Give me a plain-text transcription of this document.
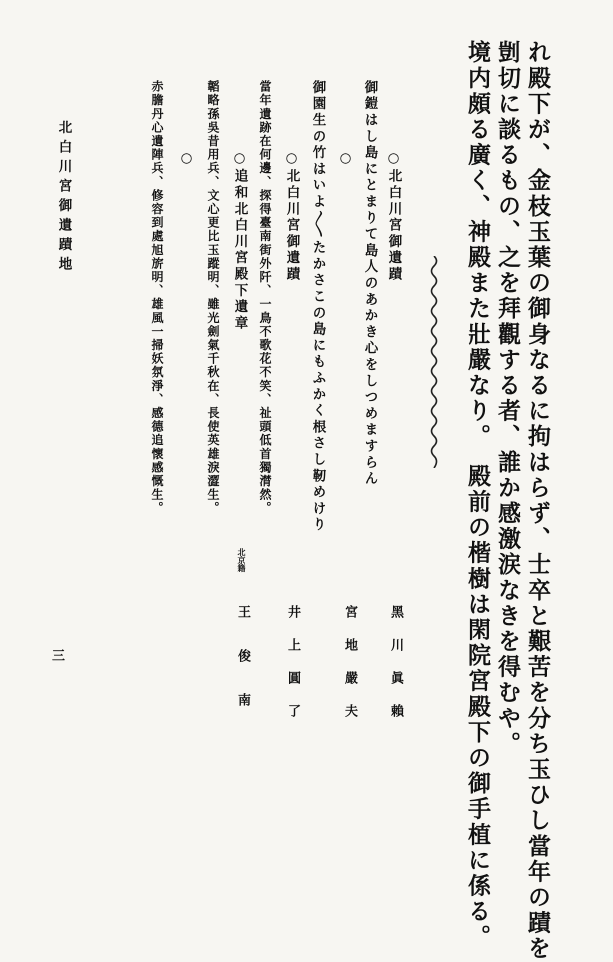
れ殿下が、金枝玉葉の御身なるに拘はらず、士卒と艱苦を分ち玉ひし當年の蹟を
剴切に談るもの、之を拜觀する者、誰か感激涙なきを得むや。
境内頗る廣く、神殿また壯嚴なり。　殿前の楷樹は閑院宮殿下の御手植に係る。
○北白川宮御遺蹟
黑川眞賴
御鎧はし島にとまりて島人のあかき心をしつめますらん
○
宮地嚴夫
御園生の竹はいよ〳〵たかさこの島にもふかく根さし靭めけり
○北白川宮御遺蹟
井上圓了
當年遺跡在何邊、探得臺南街外阡、一鳥不歌花不笑、祉頭低首獨潸然。
○追和北白川宮殿下遺章
北京籍
王 俊 南
韜略孫吳昔用兵、文心更比玉蹤明、雖光劍氣千秋在、長使英雄淚澀生。
○
赤膽丹心遺陣兵、修容到處旭旂明、雄風一掃妖氛淨、感德追懷感慨生。
北白川宮御遺蹟地
三
